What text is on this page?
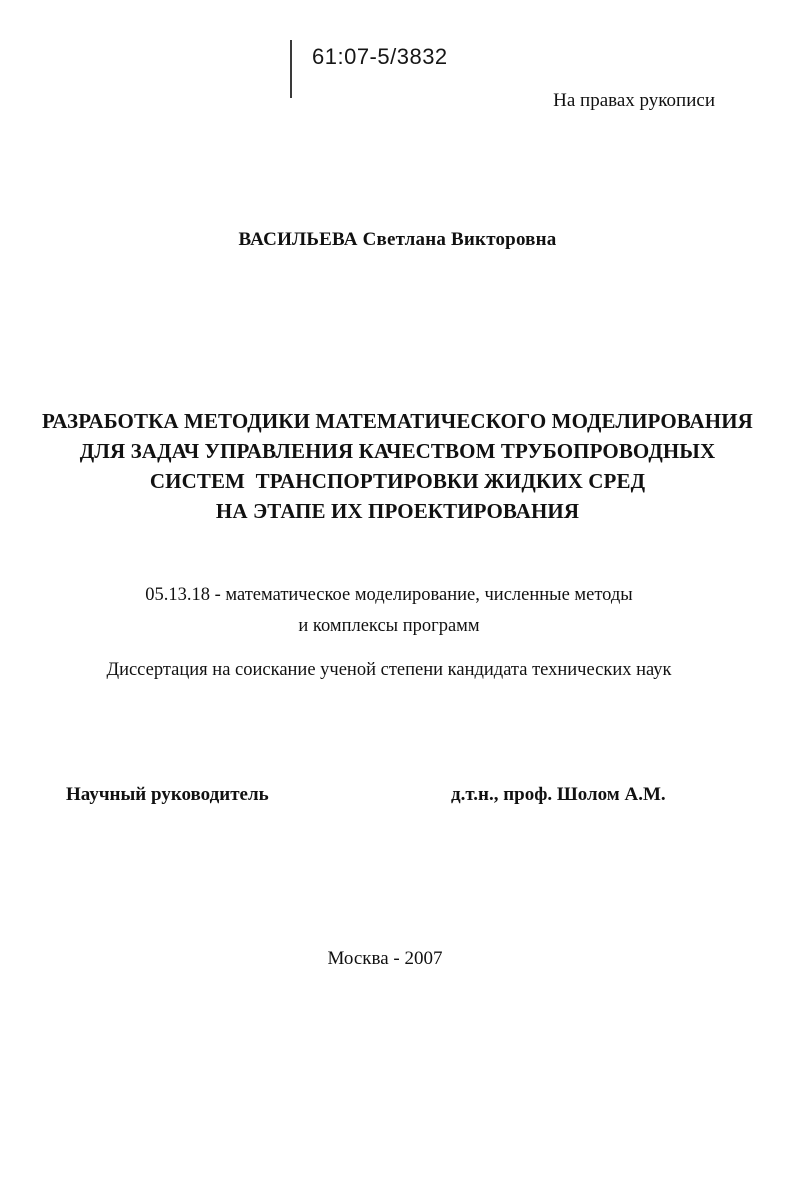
61:07-5/3832
На правах рукописи
ВАСИЛЬЕВА Светлана Викторовна
РАЗРАБОТКА МЕТОДИКИ МАТЕМАТИЧЕСКОГО МОДЕЛИРОВАНИЯ
ДЛЯ ЗАДАЧ УПРАВЛЕНИЯ КАЧЕСТВОМ ТРУБОПРОВОДНЫХ
СИСТЕМ  ТРАНСПОРТИРОВКИ ЖИДКИХ СРЕД
НА ЭТАПЕ ИХ ПРОЕКТИРОВАНИЯ
05.13.18 - математическое моделирование, численные методы
и комплексы программ
Диссертация на соискание ученой степени кандидата технических наук
Научный руководитель	д.т.н., проф. Шолом А.М.
Москва - 2007
